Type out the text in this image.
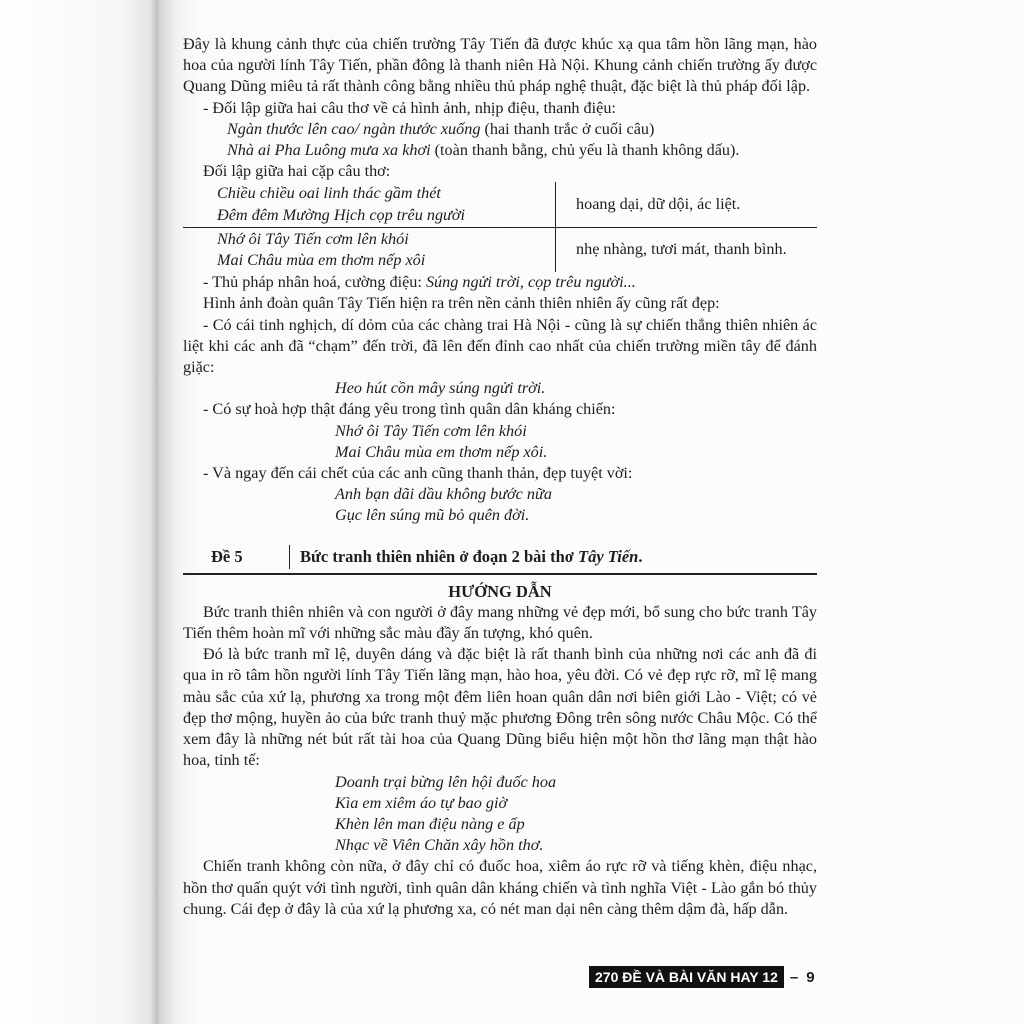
Đây là khung cảnh thực của chiến trường Tây Tiến đã được khúc xạ qua tâm hồn lãng mạn, hào hoa của người lính Tây Tiến, phần đông là thanh niên Hà Nội. Khung cảnh chiến trường ấy được Quang Dũng miêu tả rất thành công bằng nhiều thủ pháp nghệ thuật, đặc biệt là thủ pháp đối lập.

- Đối lập giữa hai câu thơ về cả hình ảnh, nhịp điệu, thanh điệu:

Ngàn thước lên cao/ ngàn thước xuống (hai thanh trắc ở cuối câu)

Nhà ai Pha Luông mưa xa khơi (toàn thanh bằng, chủ yếu là thanh không dấu).

Đối lập giữa hai cặp câu thơ:

Chiều chiều oai linh thác gầm thét
Đêm đêm Mường Hịch cọp trêu người	hoang dại, dữ dội, ác liệt.

Nhớ ôi Tây Tiến cơm lên khói
Mai Châu mùa em thơm nếp xôi	nhẹ nhàng, tươi mát, thanh bình.

- Thủ pháp nhân hoá, cường điệu: Súng ngửi trời, cọp trêu người...

Hình ảnh đoàn quân Tây Tiến hiện ra trên nền cảnh thiên nhiên ấy cũng rất đẹp:

- Có cái tinh nghịch, dí dỏm của các chàng trai Hà Nội - cũng là sự chiến thắng thiên nhiên ác liệt khi các anh đã “chạm” đến trời, đã lên đến đỉnh cao nhất của chiến trường miền tây để đánh giặc:

Heo hút cồn mây súng ngửi trời.

- Có sự hoà hợp thật đáng yêu trong tình quân dân kháng chiến:

Nhớ ôi Tây Tiến cơm lên khói

Mai Châu mùa em thơm nếp xôi.

- Và ngay đến cái chết của các anh cũng thanh thản, đẹp tuyệt vời:

Anh bạn dãi dầu không bước nữa

Gục lên súng mũ bỏ quên đời.

Đề 5	Bức tranh thiên nhiên ở đoạn 2 bài thơ Tây Tiến.
HƯỚNG DẪN

Bức tranh thiên nhiên và con người ở đây mang những vẻ đẹp mới, bổ sung cho bức tranh Tây Tiến thêm hoàn mĩ với những sắc màu đầy ấn tượng, khó quên.

Đó là bức tranh mĩ lệ, duyên dáng và đặc biệt là rất thanh bình của những nơi các anh đã đi qua in rõ tâm hồn người lính Tây Tiến lãng mạn, hào hoa, yêu đời. Có vẻ đẹp rực rỡ, mĩ lệ mang màu sắc của xứ lạ, phương xa trong một đêm liên hoan quân dân nơi biên giới Lào - Việt; có vẻ đẹp thơ mộng, huyền ảo của bức tranh thuỷ mặc phương Đông trên sông nước Châu Mộc. Có thể xem đây là những nét bút rất tài hoa của Quang Dũng biểu hiện một hồn thơ lãng mạn thật hào hoa, tinh tế:

Doanh trại bừng lên hội đuốc hoa

Kìa em xiêm áo tự bao giờ

Khèn lên man điệu nàng e ấp

Nhạc về Viên Chăn xây hồn thơ.

Chiến tranh không còn nữa, ở đây chỉ có đuốc hoa, xiêm áo rực rỡ và tiếng khèn, điệu nhạc, hồn thơ quấn quýt với tình người, tình quân dân kháng chiến và tình nghĩa Việt - Lào gắn bó thủy chung. Cái đẹp ở đây là của xứ lạ phương xa, có nét man dại nên càng thêm dậm đà, hấp dẫn.

270 ĐỀ VÀ BÀI VĂN HAY 12 – 9
